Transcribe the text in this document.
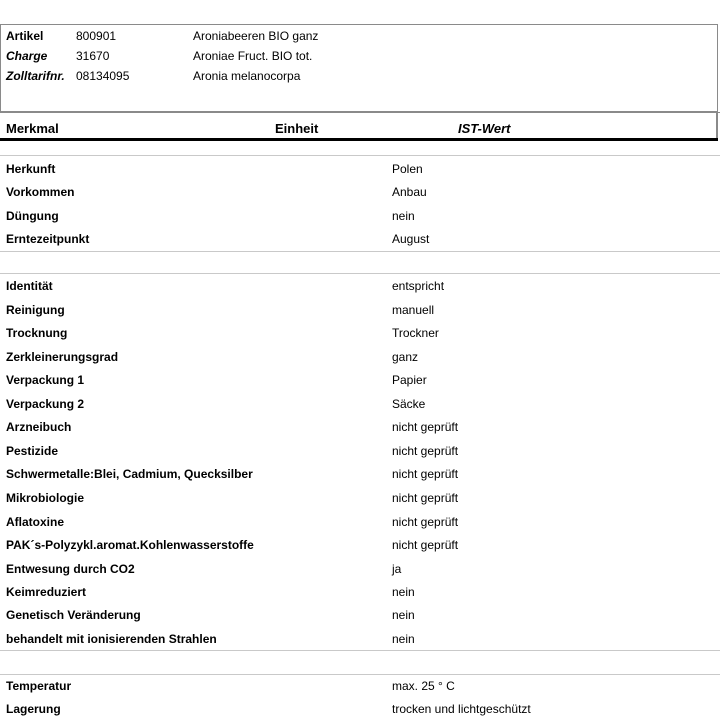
Artikel	800901	Aroniabeeren BIO ganz
Charge 31670	Aroniae Fruct. BIO tot.
Zolltarifnr. 08134095	Aronia melanocorpa
Merkmal	Einheit	IST-Wert
Herkunft	Polen
Vorkommen	Anbau
Düngung	nein
Erntezeitpunkt	August
Identität	entspricht
Reinigung	manuell
Trocknung	Trockner
Zerkleinerungsgrad	ganz
Verpackung 1	Papier
Verpackung 2	Säcke
Arzneibuch	nicht geprüft
Pestizide	nicht geprüft
Schwermetalle:Blei, Cadmium, Quecksilber	nicht geprüft
Mikrobiologie	nicht geprüft
Aflatoxine	nicht geprüft
PAK´s-Polyzykl.aromat.Kohlenwasserstoffe	nicht geprüft
Entwesung durch CO2	ja
Keimreduziert	nein
Genetisch Veränderung	nein
behandelt mit ionisierenden Strahlen	nein
Temperatur	max. 25 ° C
Lagerung	trocken und lichtgeschützt
